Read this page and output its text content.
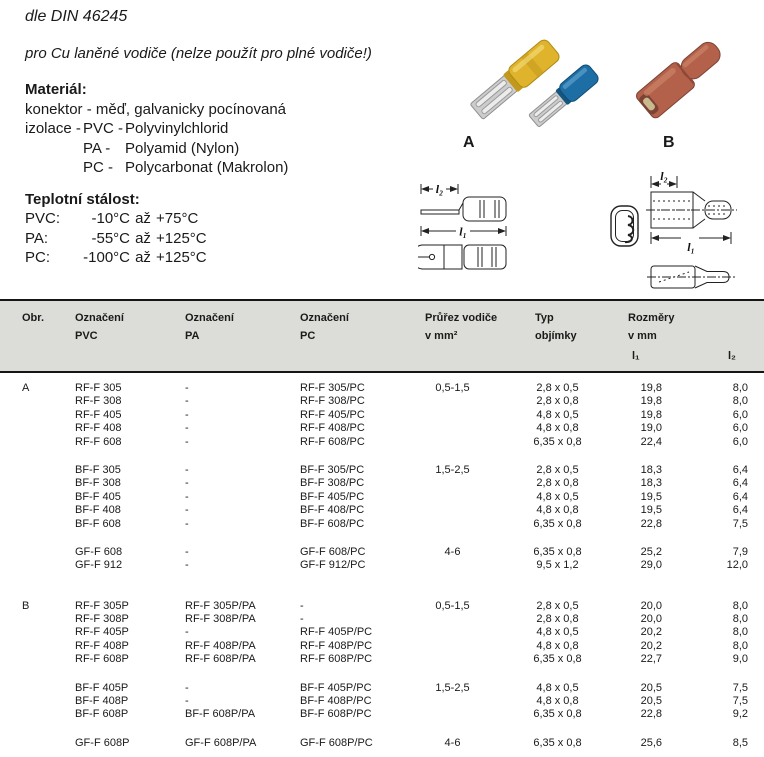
dle DIN 46245
pro Cu laněné vodiče (nelze použít pro plné vodiče!)
Materiál:
konektor - měď, galvanicky pocínovaná
izolace - PVC - Polyvinylchlorid
PA - Polyamid (Nylon)
PC - Polycarbonat (Makrolon)
Teplotní stálost:
PVC:	-10°C až +75°C
PA:	-55°C až +125°C
PC:	-100°C až +125°C
A	B
l₂
l₁
l₂
l₁
Obr.	Označení
PVC
Označení
PA
Označení
PC
Průřez vodiče
v mm²
Typ
objímky
Rozměry
v mm
l₁	l₂
A	RF-F 305	-	RF-F 305/PC	0,5-1,5	2,8 x 0,5	19,8	8,0
RF-F 308	-	RF-F 308/PC	2,8 x 0,8	19,8	8,0
RF-F 405	-	RF-F 405/PC	4,8 x 0,5	19,8	6,0
RF-F 408	-	RF-F 408/PC	4,8 x 0,8	19,0	6,0
RF-F 608	-	RF-F 608/PC	6,35 x 0,8	22,4	6,0
BF-F 305	-	BF-F 305/PC	1,5-2,5	2,8 x 0,5	18,3	6,4
BF-F 308	-	BF-F 308/PC	2,8 x 0,8	18,3	6,4
BF-F 405	-	BF-F 405/PC	4,8 x 0,5	19,5	6,4
BF-F 408	-	BF-F 408/PC	4,8 x 0,8	19,5	6,4
BF-F 608	-	BF-F 608/PC	6,35 x 0,8	22,8	7,5
GF-F 608	-	GF-F 608/PC	4-6	6,35 x 0,8	25,2	7,9
GF-F 912	-	GF-F 912/PC	9,5 x 1,2	29,0	12,0
B	RF-F 305P	RF-F 305P/PA	-	0,5-1,5	2,8 x 0,5	20,0	8,0
RF-F 308P	RF-F 308P/PA	-	2,8 x 0,8	20,0	8,0
RF-F 405P	-	RF-F 405P/PC	4,8 x 0,5	20,2	8,0
RF-F 408P	RF-F 408P/PA	RF-F 408P/PC	4,8 x 0,8	20,2	8,0
RF-F 608P	RF-F 608P/PA	RF-F 608P/PC	6,35 x 0,8	22,7	9,0
BF-F 405P	-	BF-F 405P/PC	1,5-2,5	4,8 x 0,5	20,5	7,5
BF-F 408P	-	BF-F 408P/PC	4,8 x 0,8	20,5	7,5
BF-F 608P	BF-F 608P/PA	BF-F 608P/PC	6,35 x 0,8	22,8	9,2
GF-F 608P	GF-F 608P/PA	GF-F 608P/PC	4-6	6,35 x 0,8	25,6	8,5
